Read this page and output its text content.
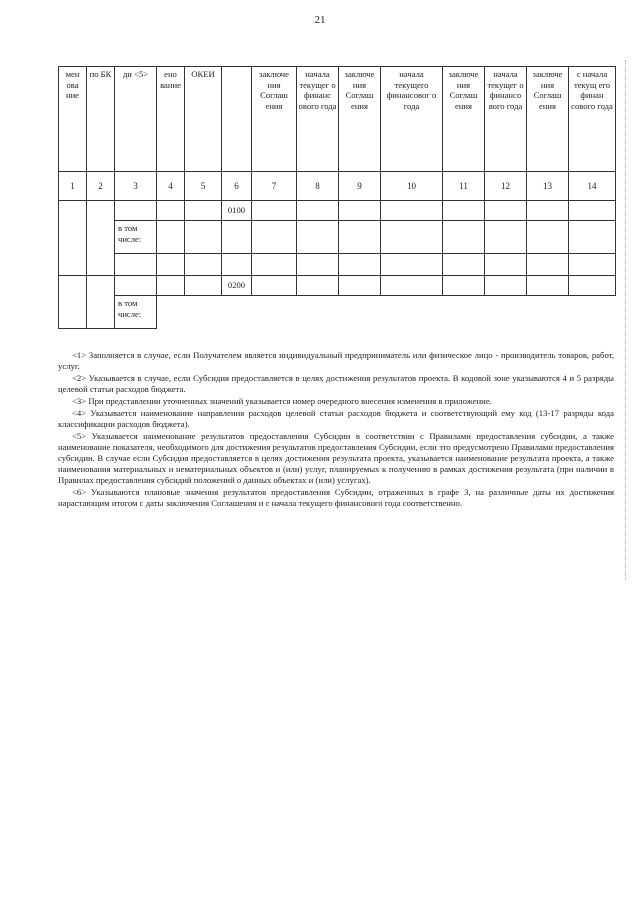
21
мен ова ние	по БК	ди <5>	ено вание	ОКЕИ		заключе ния Соглаш ения	начала текущег о финанс ового года	заключе ния Соглаш ения	начала текущего финансовог о года	заключе ния Соглаш ения	начала текущег о финансо вого года	заключе ния Соглаш ения	с начала текущ его финан сового года
1	2	3	4	5	6	7	8	9	10	11	12	13	14
					0100								
		в том числе:											

					0200								
		в том числе:											

<1> Заполняется в случае, если Получателем является индивидуальный предприниматель или физическое лицо - производитель товаров, работ, услуг.

<2> Указывается в случае, если Субсидия предоставляется в целях достижения результатов проекта. В кодовой зоне указываются 4 и 5 разряды целевой статьи расходов бюджета.

<3> При представлении уточненных значений указывается номер очередного внесения изменения в приложение.

<4> Указывается наименование направления расходов целевой статьи расходов бюджета и соответствующий ему код (13-17 разряды кода классификации расходов бюджета).

<5> Указывается наименование результатов предоставления Субсидии в соответствии с Правилами предоставления субсидии, а также наименование показателя, необходимого для достижения результатов предоставления Субсидии, если это предусмотрено Правилами предоставления субсидии. В случае если Субсидия предоставляется в целях достижения результата проекта, указывается наименование результата проекта, а также наименования материальных и нематериальных объектов и (или) услуг, планируемых к получению в рамках достижения результата (при наличии в Правилах предоставления субсидий положений о данных объектах и (или) услугах).

<6> Указываются плановые значения результатов предоставления Субсидии, отраженных в графе 3, на различные даты их достижения нарастающим итогом с даты заключения Соглашения и с начала текущего финансового года соответственно.
